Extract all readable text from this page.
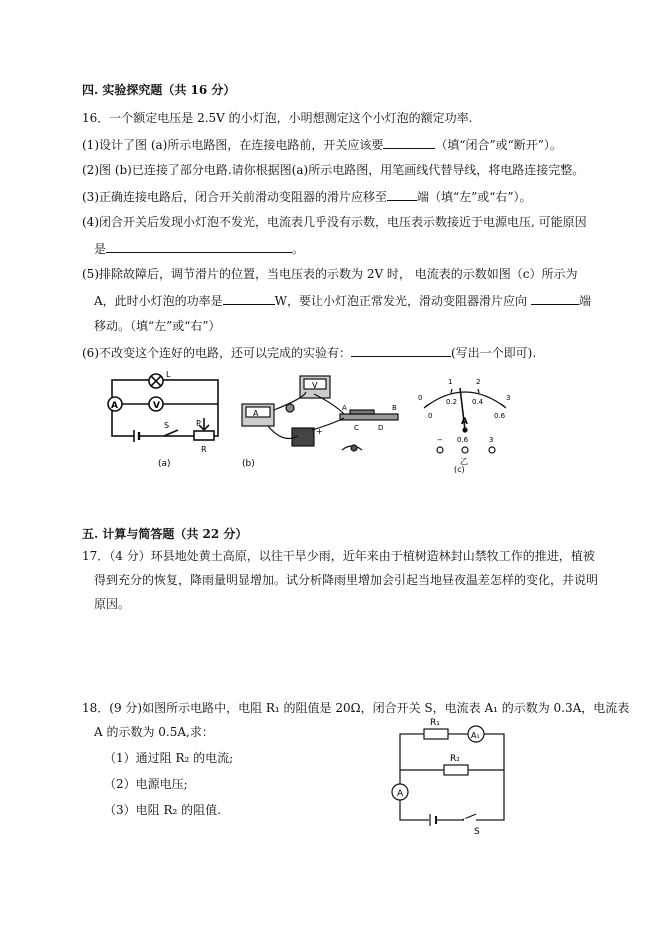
四. 实验探究题（共 16 分）
16．一个额定电压是 2.5V 的小灯泡，小明想测定这个小灯泡的额定功率.
(1)设计了图 (a)所示电路图，在连接电路前，开关应该要	（填“闭合”或“断开”）。
(2)图 (b)已连接了部分电路.请你根据图(a)所示电路图，用笔画线代替导线，将电路连接完整。
(3)正确连接电路后，闭合开关前滑动变阻器的滑片应移至	端（填“左”或“右”）。
(4)闭合开关后发现小灯泡不发光，电流表几乎没有示数，电压表示数接近于电源电压, 可能原因
是	。
(5)排除故障后，调节滑片的位置，当电压表的示数为 2V 时， 电流表的示数如图（c）所示为
A，此时小灯泡的功率是	W，要让小灯泡正常发光，滑动变阻器滑片应向	端
移动。（填“左”或“右”）
(6)不改变这个连好的电路，还可以完成的实验有：	(写出一个即可).
L
V
A
S	P
R
(a)
A
V
A	B
C	D
+
(b)
0
1	2
3
0
0.2 0.4
0.6
A
− 0.6	3
乙
(c)
五. 计算与简答题（共 22 分）
17．（4 分）环县地处黄土高原，以往干旱少雨，近年来由于植树造林封山禁牧工作的推进，植被
得到充分的恢复，降雨量明显增加。试分析降雨里增加会引起当地昼夜温差怎样的变化，并说明
原因。
18．(9 分)如图所示电路中，电阻 R₁ 的阻值是 20Ω，闭合开关 S，电流表 A₁ 的示数为 0.3A，电流表
A 的示数为 0.5A,求：
（1）通过阻 R₂ 的电流;
（2）电源电压;
（3）电阻 R₂ 的阻值.
R₁
A₁
R₂
A
S
